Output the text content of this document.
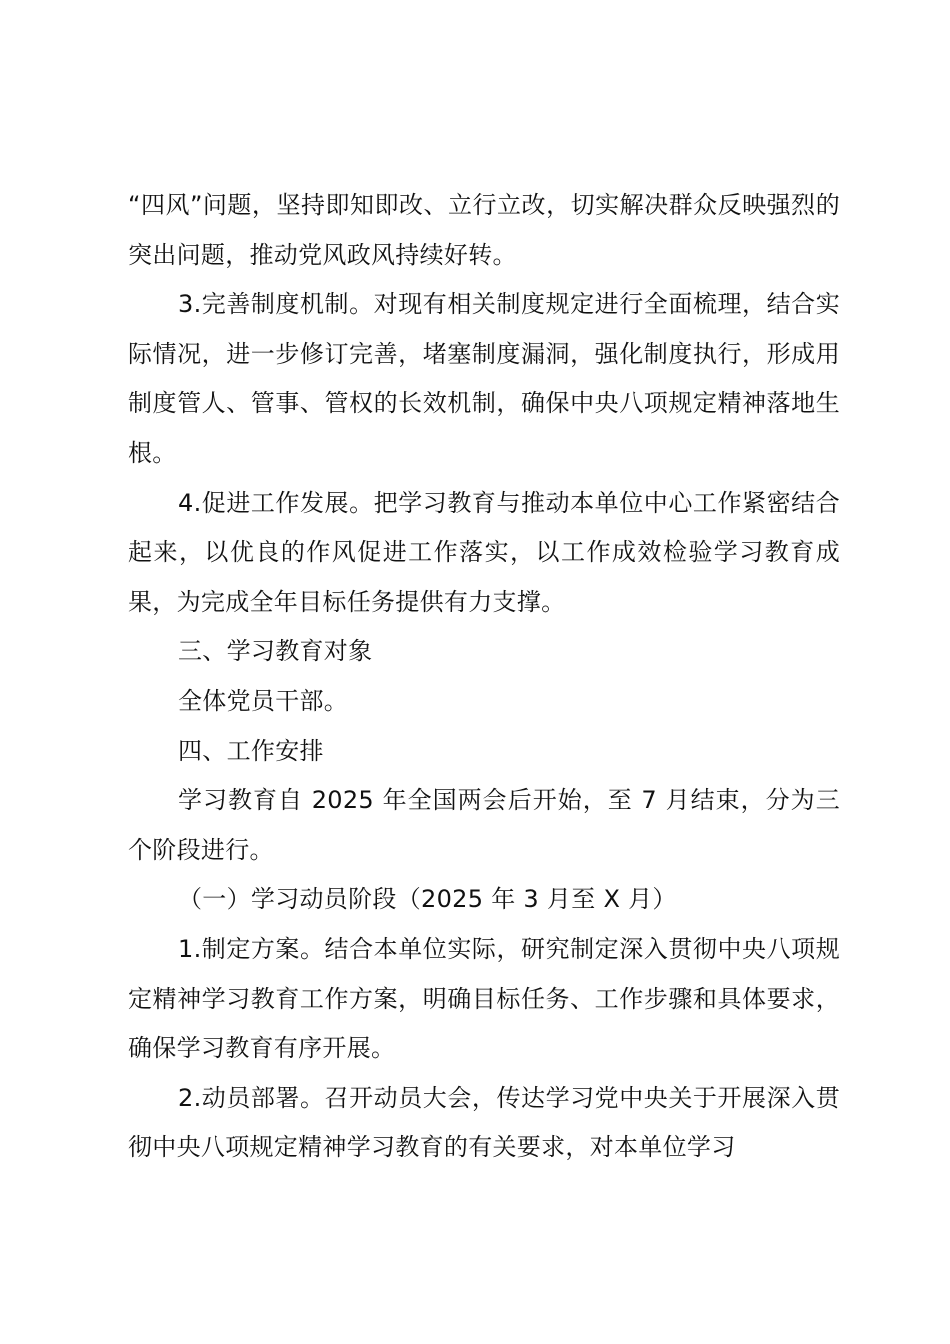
“四风”问题，坚持即知即改、立行立改，切实解决群众反映强烈的突出问题，推动党风政风持续好转。

3.完善制度机制。对现有相关制度规定进行全面梳理，结合实际情况，进一步修订完善，堵塞制度漏洞，强化制度执行，形成用制度管人、管事、管权的长效机制，确保中央八项规定精神落地生根。

4.促进工作发展。把学习教育与推动本单位中心工作紧密结合起来，以优良的作风促进工作落实，以工作成效检验学习教育成果，为完成全年目标任务提供有力支撑。

三、学习教育对象

全体党员干部。

四、工作安排

学习教育自 2025 年全国两会后开始，至 7 月结束，分为三个阶段进行。

（一）学习动员阶段（2025 年 3 月至 X 月）

1.制定方案。结合本单位实际，研究制定深入贯彻中央八项规定精神学习教育工作方案，明确目标任务、工作步骤和具体要求，确保学习教育有序开展。

2.动员部署。召开动员大会，传达学习党中央关于开展深入贯彻中央八项规定精神学习教育的有关要求，对本单位学习
